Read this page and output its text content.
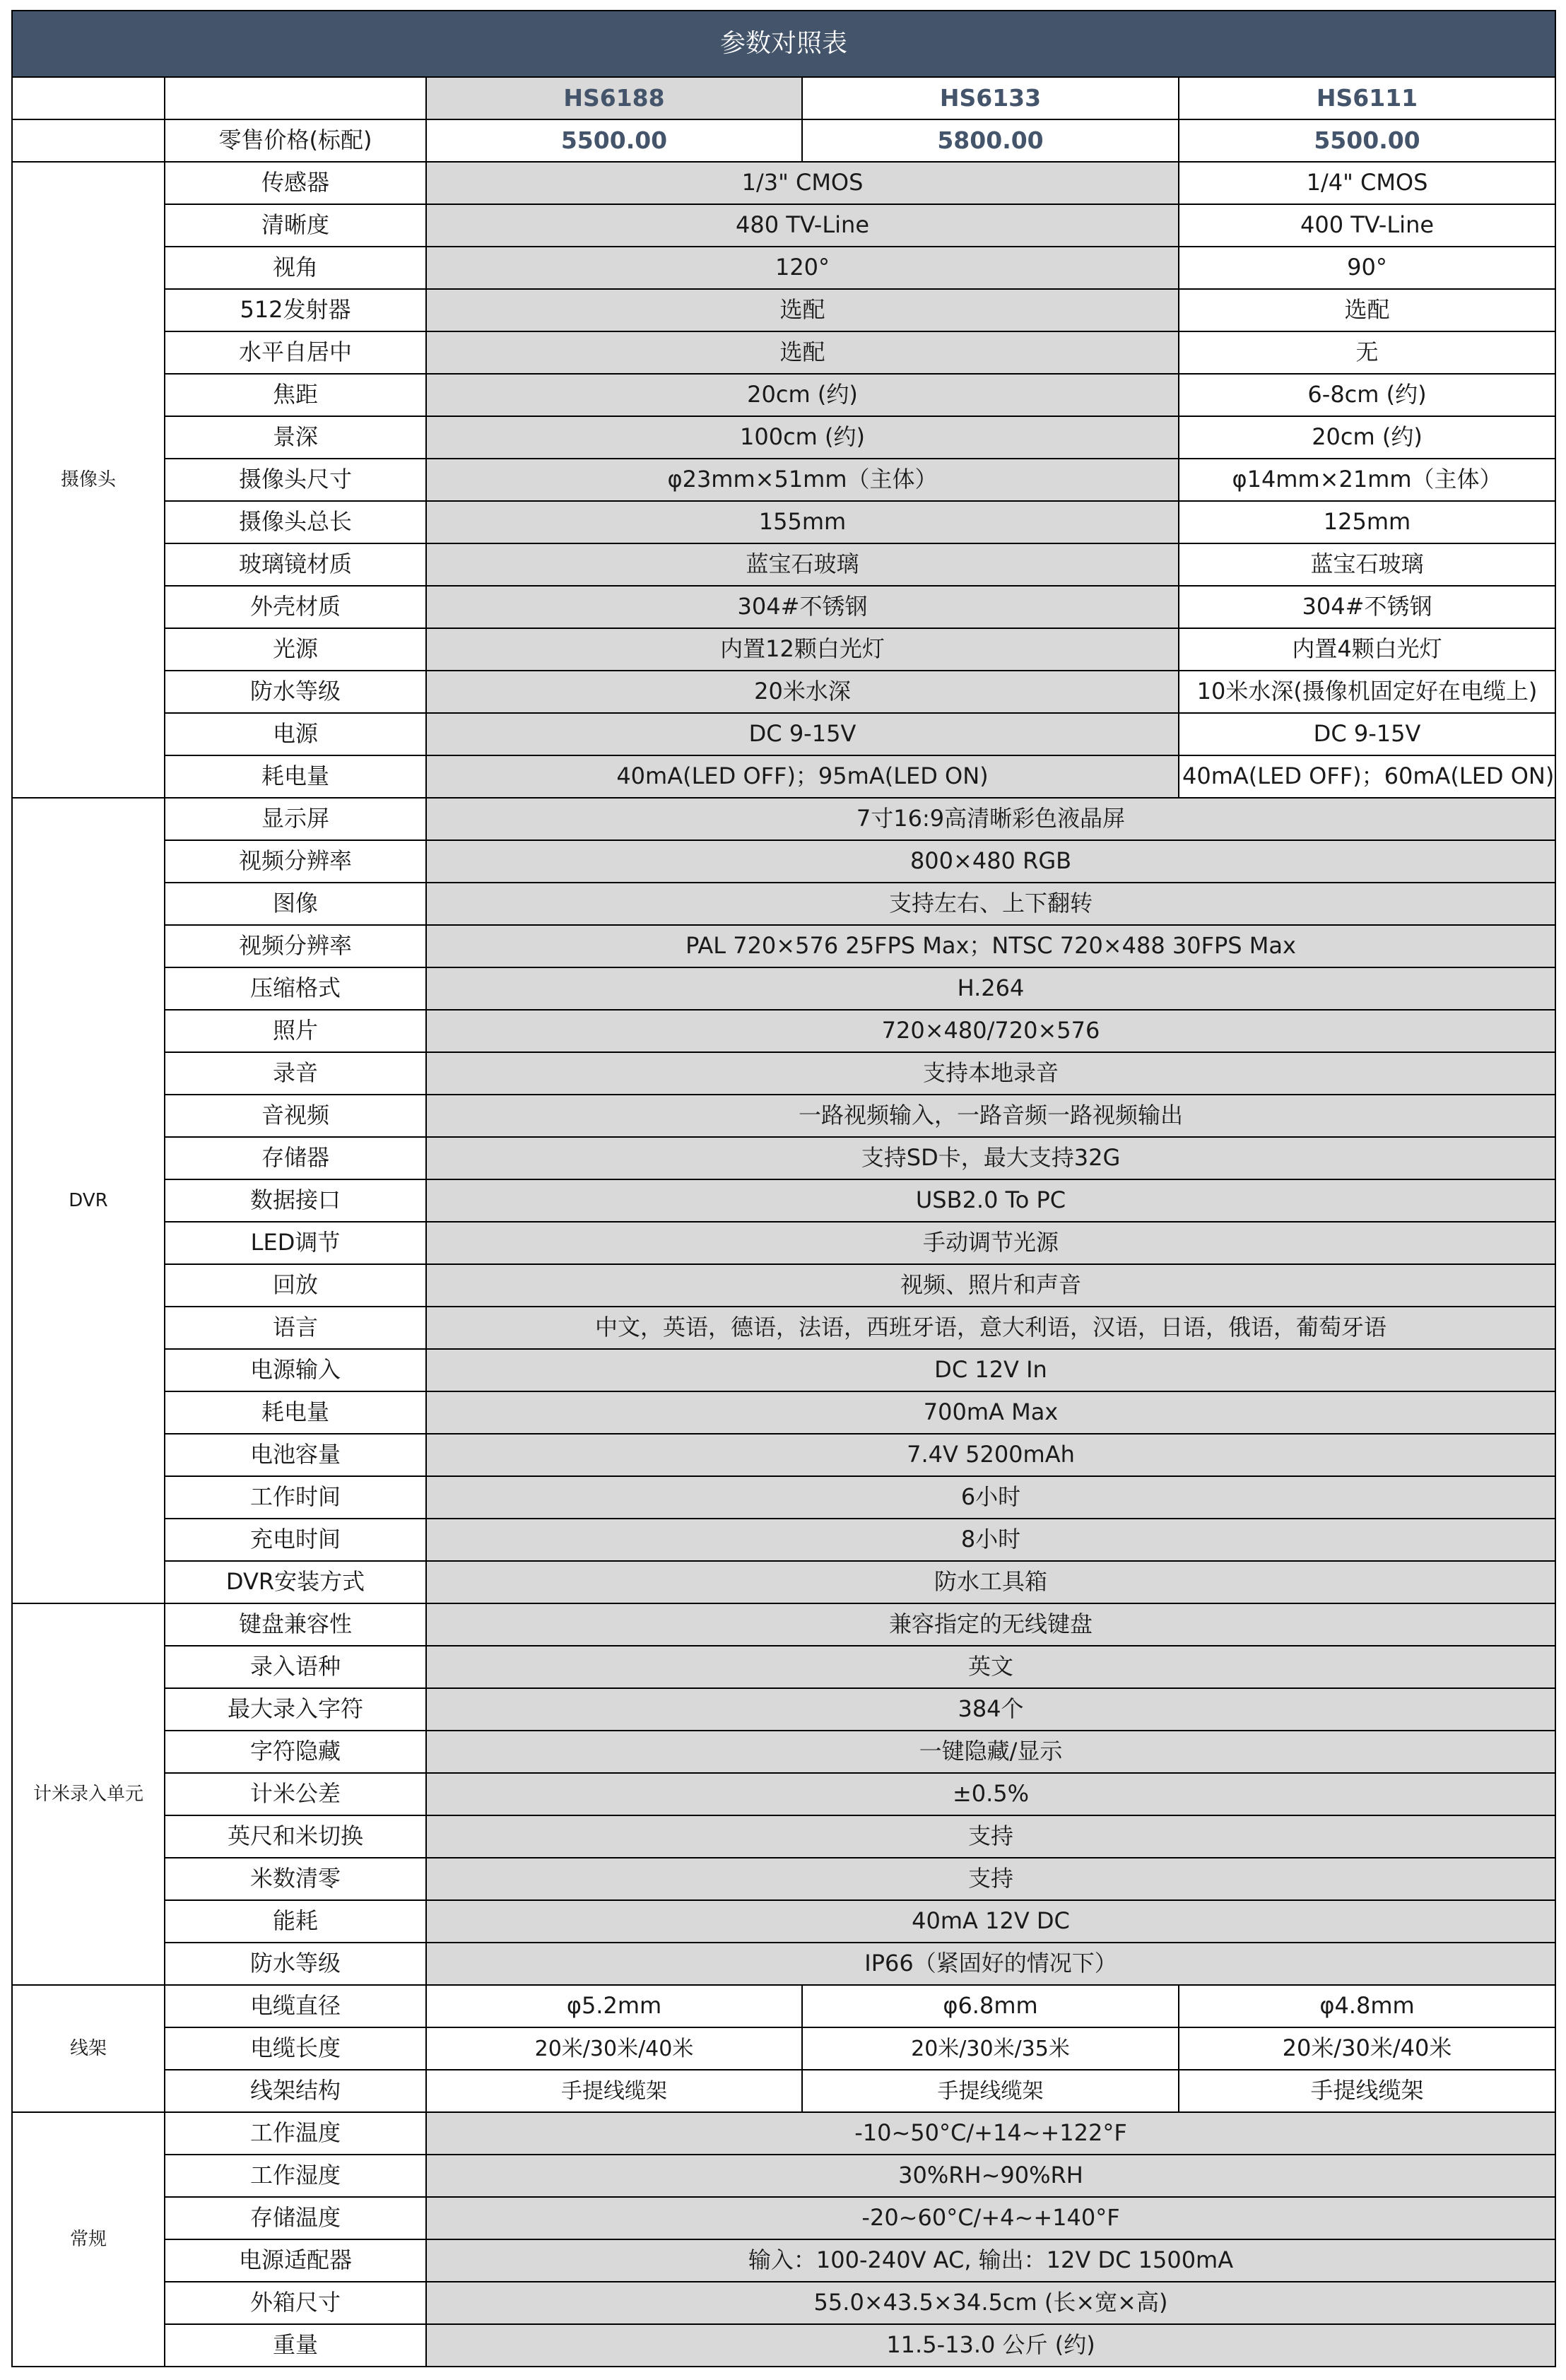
参数对照表				
		HS6188	HS6133	HS6111
	零售价格(标配)	5500.00	5800.00	5500.00
摄像头	传感器	1/3" CMOS		1/4" CMOS
	清晰度	480 TV-Line		400 TV-Line
	视角	120°		90°
	512发射器	选配		选配
	水平自居中	选配		无
	焦距	20cm (约)		6-8cm (约)
	景深	100cm (约)		20cm (约)
	摄像头尺寸	φ23mm×51mm（主体）		φ14mm×21mm（主体）
	摄像头总长	155mm		125mm
	玻璃镜材质	蓝宝石玻璃		蓝宝石玻璃
	外壳材质	304#不锈钢		304#不锈钢
	光源	内置12颗白光灯		内置4颗白光灯
	防水等级	20米水深		10米水深(摄像机固定好在电缆上)
	电源	DC 9-15V		DC 9-15V
	耗电量	40mA(LED OFF)；95mA(LED ON)		40mA(LED OFF)；60mA(LED ON)
DVR	显示屏	7寸16:9高清晰彩色液晶屏		
	视频分辨率	800×480 RGB		
	图像	支持左右、上下翻转		
	视频分辨率	PAL 720×576 25FPS Max；NTSC 720×488 30FPS Max		
	压缩格式	H.264		
	照片	720×480/720×576		
	录音	支持本地录音		
	音视频	一路视频输入，一路音频一路视频输出		
	存储器	支持SD卡，最大支持32G		
	数据接口	USB2.0 To PC		
	LED调节	手动调节光源		
	回放	视频、照片和声音		
	语言	中文，英语，德语，法语，西班牙语，意大利语，汉语，日语，俄语，葡萄牙语		
	电源输入	DC 12V In		
	耗电量	700mA Max		
	电池容量	7.4V 5200mAh		
	工作时间	6小时		
	充电时间	8小时		
	DVR安装方式	防水工具箱		
计米录入单元	键盘兼容性	兼容指定的无线键盘		
	录入语种	英文		
	最大录入字符	384个		
	字符隐藏	一键隐藏/显示		
	计米公差	±0.5%		
	英尺和米切换	支持		
	米数清零	支持		
	能耗	40mA 12V DC		
	防水等级	IP66（紧固好的情况下）		
线架	电缆直径	φ5.2mm	φ6.8mm	φ4.8mm
	电缆长度	20米/30米/40米	20米/30米/35米	20米/30米/40米
	线架结构	手提线缆架	手提线缆架	手提线缆架
常规	工作温度	-10~50°C/+14~+122°F		
	工作湿度	30%RH~90%RH		
	存储温度	-20~60°C/+4~+140°F		
	电源适配器	输入：100-240V AC, 输出：12V DC 1500mA		
	外箱尺寸	55.0×43.5×34.5cm (长×宽×高)		
	重量	11.5-13.0 公斤 (约)		
